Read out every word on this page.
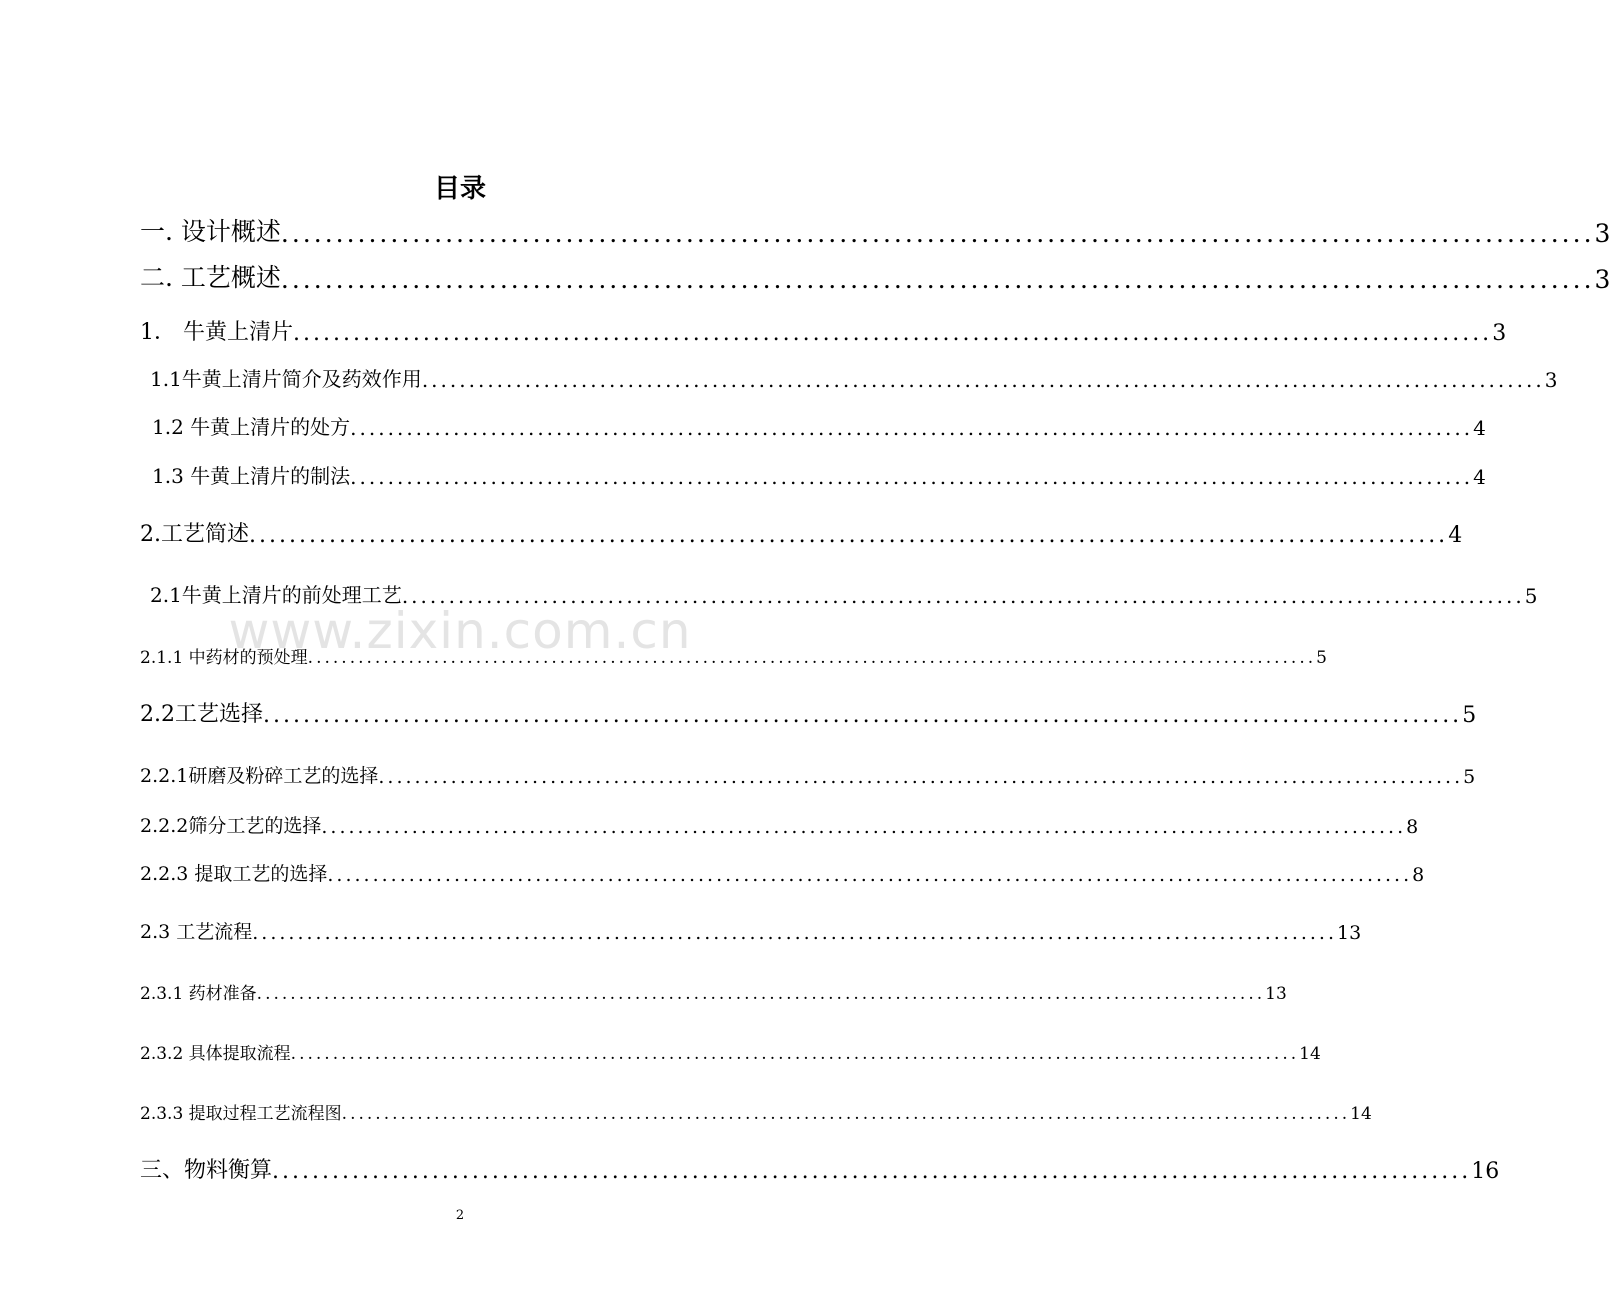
目录
一. 设计概述 ........................................................................................................................ 3
二. 工艺概述 ........................................................................................................................ 3
1． 牛黄上清片 ........................................................................................................................ 3
1.1牛黄上清片简介及药效作用 ........................................................................................................................ 3
1.2 牛黄上清片的处方 ........................................................................................................................ 4
1.3 牛黄上清片的制法 ........................................................................................................................ 4
2.工艺简述 ........................................................................................................................ 4
2.1牛黄上清片的前处理工艺 ........................................................................................................................ 5
2.1.1 中药材的预处理 ........................................................................................................................ 5
2.2工艺选择 ........................................................................................................................ 5
2.2.1研磨及粉碎工艺的选择 ........................................................................................................................ 5
2.2.2筛分工艺的选择 ........................................................................................................................ 8
2.2.3 提取工艺的选择 ........................................................................................................................ 8
2.3 工艺流程 ........................................................................................................................ 13
2.3.1 药材准备 ........................................................................................................................ 13
2.3.2 具体提取流程 ........................................................................................................................ 14
2.3.3 提取过程工艺流程图 ........................................................................................................................ 14
三、物料衡算 ........................................................................................................................ 16
www.zixin.com.cn
2
